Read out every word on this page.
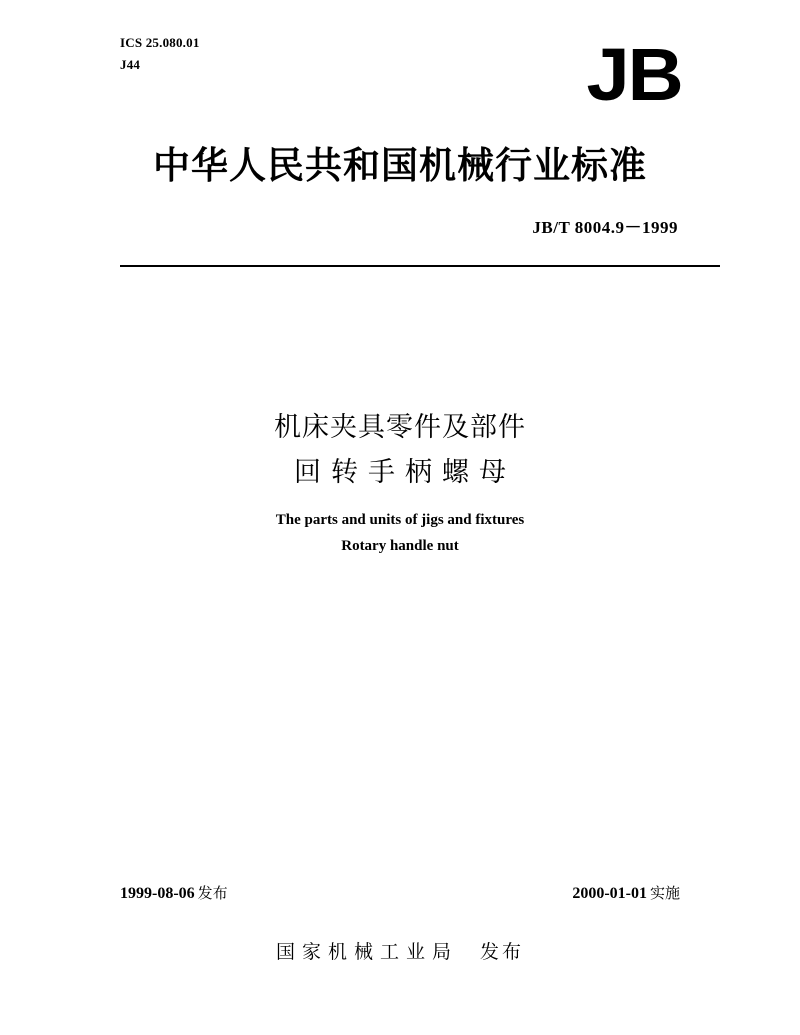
ICS 25.080.01
J44	JB
中华人民共和国机械行业标准
JB/T 8004.9－1999
机床夹具零件及部件
回转手柄螺母
The parts and units of jigs and fixtures
Rotary handle nut
1999-08-06 发布	2000-01-01 实施
国家机械工业局 发布
